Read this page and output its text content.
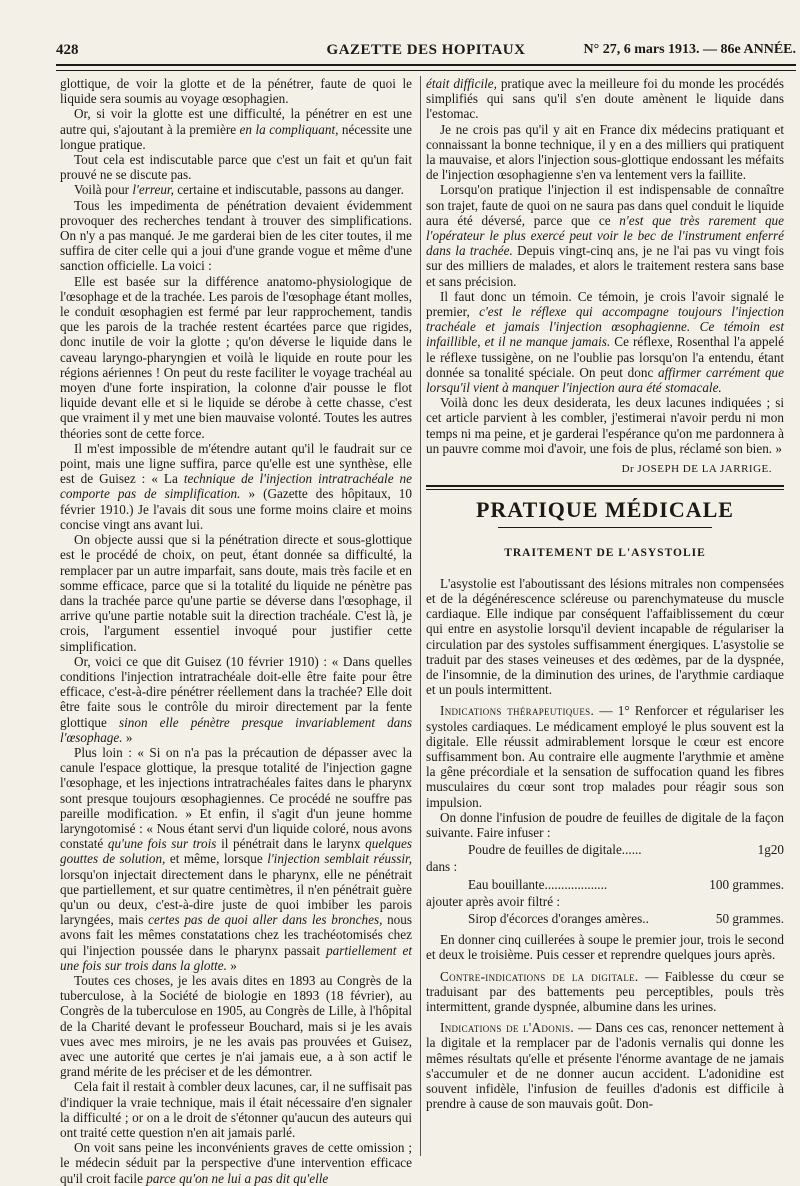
428	GAZETTE DES HOPITAUX	N° 27, 6 mars 1913. — 86e ANNÉE.

glottique, de voir la glotte et de la pénétrer, faute de quoi le liquide sera soumis au voyage œsophagien.

Or, si voir la glotte est une difficulté, la pénétrer en est une autre qui, s'ajoutant à la première en la compliquant, nécessite une longue pratique.

Tout cela est indiscutable parce que c'est un fait et qu'un fait prouvé ne se discute pas.

Voilà pour l'erreur, certaine et indiscutable, passons au danger.

Tous les impedimenta de pénétration devaient évidemment provoquer des recherches tendant à trouver des simplifications. On n'y a pas manqué. Je me garderai bien de les citer toutes, il me suffira de citer celle qui a joui d'une grande vogue et même d'une sanction officielle. La voici :

Elle est basée sur la différence anatomo-physiologique de l'œsophage et de la trachée. Les parois de l'œsophage étant molles, le conduit œsophagien est fermé par leur rapprochement, tandis que les parois de la trachée restent écartées parce que rigides, donc inutile de voir la glotte ; qu'on déverse le liquide dans le caveau laryngo-pharyngien et voilà le liquide en route pour les régions aériennes ! On peut du reste faciliter le voyage trachéal au moyen d'une forte inspiration, la colonne d'air pousse le flot liquide devant elle et si le liquide se dérobe à cette chasse, c'est que vraiment il y met une bien mauvaise volonté. Toutes les autres théories sont de cette force.

Il m'est impossible de m'étendre autant qu'il le faudrait sur ce point, mais une ligne suffira, parce qu'elle est une synthèse, elle est de Guisez : « La technique de l'injection intratrachéale ne comporte pas de simplification. » (Gazette des hôpitaux, 10 février 1910.) Je l'avais dit sous une forme moins claire et moins concise vingt ans avant lui.

On objecte aussi que si la pénétration directe et sous-glottique est le procédé de choix, on peut, étant donnée sa difficulté, la remplacer par un autre imparfait, sans doute, mais très facile et en somme efficace, parce que si la totalité du liquide ne pénètre pas dans la trachée parce qu'une partie se déverse dans l'œsophage, il arrive qu'une partie notable suit la direction trachéale. C'est là, je crois, l'argument essentiel invoqué pour justifier cette simplification.

Or, voici ce que dit Guisez (10 février 1910) : « Dans quelles conditions l'injection intratrachéale doit-elle être faite pour être efficace, c'est-à-dire pénétrer réellement dans la trachée? Elle doit être faite sous le contrôle du miroir directement par la fente glottique sinon elle pénètre presque invariablement dans l'œsophage. »

Plus loin : « Si on n'a pas la précaution de dépasser avec la canule l'espace glottique, la presque totalité de l'injection gagne l'œsophage, et les injections intratrachéales faites dans le pharynx sont presque toujours œsophagiennes. Ce procédé ne souffre pas pareille modification. » Et enfin, il s'agit d'un jeune homme laryngotomisé : « Nous étant servi d'un liquide coloré, nous avons constaté qu'une fois sur trois il pénétrait dans le larynx quelques gouttes de solution, et même, lorsque l'injection semblait réussir, lorsqu'on injectait directement dans le pharynx, elle ne pénétrait que partiellement, et sur quatre centimètres, il n'en pénétrait guère qu'un ou deux, c'est-à-dire juste de quoi imbiber les parois laryngées, mais certes pas de quoi aller dans les bronches, nous avons fait les mêmes constatations chez les trachéotomisés chez qui l'injection poussée dans le pharynx passait partiellement et une fois sur trois dans la glotte. »

Toutes ces choses, je les avais dites en 1893 au Congrès de la tuberculose, à la Société de biologie en 1893 (18 février), au Congrès de la tuberculose en 1905, au Congrès de Lille, à l'hôpital de la Charité devant le professeur Bouchard, mais si je les avais vues avec mes miroirs, je ne les avais pas prouvées et Guisez, avec une autorité que certes je n'ai jamais eue, a à son actif le grand mérite de les préciser et de les démontrer.

Cela fait il restait à combler deux lacunes, car, il ne suffisait pas d'indiquer la vraie technique, mais il était nécessaire d'en signaler la difficulté ; or on a le droit de s'étonner qu'aucun des auteurs qui ont traité cette question n'en ait jamais parlé.

On voit sans peine les inconvénients graves de cette omission ; le médecin séduit par la perspective d'une intervention efficace qu'il croit facile parce qu'on ne lui a pas dit qu'elle

était difficile, pratique avec la meilleure foi du monde les procédés simplifiés qui sans qu'il s'en doute amènent le liquide dans l'estomac.

Je ne crois pas qu'il y ait en France dix médecins pratiquant et connaissant la bonne technique, il y en a des milliers qui pratiquent la mauvaise, et alors l'injection sous-glottique endossant les méfaits de l'injection œsophagienne s'en va lentement vers la faillite.

Lorsqu'on pratique l'injection il est indispensable de connaître son trajet, faute de quoi on ne saura pas dans quel conduit le liquide aura été déversé, parce que ce n'est que très rarement que l'opérateur le plus exercé peut voir le bec de l'instrument enferré dans la trachée. Depuis vingt-cinq ans, je ne l'ai pas vu vingt fois sur des milliers de malades, et alors le traitement restera sans base et sans précision.

Il faut donc un témoin. Ce témoin, je crois l'avoir signalé le premier, c'est le réflexe qui accompagne toujours l'injection trachéale et jamais l'injection œsophagienne. Ce témoin est infaillible, et il ne manque jamais. Ce réflexe, Rosenthal l'a appelé le réflexe tussigène, on ne l'oublie pas lorsqu'on l'a entendu, étant donnée sa tonalité spéciale. On peut donc affirmer carrément que lorsqu'il vient à manquer l'injection aura été stomacale.

Voilà donc les deux desiderata, les deux lacunes indiquées ; si cet article parvient à les combler, j'estimerai n'avoir perdu ni mon temps ni ma peine, et je garderai l'espérance qu'on me pardonnera à un pauvre comme moi d'avoir, une fois de plus, réclamé son bien. »

Dr JOSEPH DE LA JARRIGE.
PRATIQUE MÉDICALE
TRAITEMENT DE L'ASYSTOLIE

L'asystolie est l'aboutissant des lésions mitrales non compensées et de la dégénérescence scléreuse ou parenchymateuse du muscle cardiaque. Elle indique par conséquent l'affaiblissement du cœur qui entre en asystolie lorsqu'il devient incapable de régulariser la circulation par des systoles suffisamment énergiques. L'asystolie se traduit par des stases veineuses et des œdèmes, par de la dyspnée, de l'insomnie, de la diminution des urines, de l'arythmie cardiaque et un pouls intermittent.

Indications thérapeutiques. — 1° Renforcer et régulariser les systoles cardiaques. Le médicament employé le plus souvent est la digitale. Elle réussit admirablement lorsque le cœur est encore suffisamment bon. Au contraire elle augmente l'arythmie et amène la gêne précordiale et la sensation de suffocation quand les fibres musculaires du cœur sont trop malades pour réagir sous son impulsion.

On donne l'infusion de poudre de feuilles de digitale de la façon suivante. Faire infuser :

Poudre de feuilles de digitale......	1g20

dans :

Eau bouillante...................	100 grammes.

ajouter après avoir filtré :

Sirop d'écorces d'oranges amères..	50 grammes.

En donner cinq cuillerées à soupe le premier jour, trois le second et deux le troisième. Puis cesser et reprendre quelques jours après.

Contre-indications de la digitale. — Faiblesse du cœur se traduisant par des battements peu perceptibles, pouls très intermittent, grande dyspnée, albumine dans les urines.

Indications de l'Adonis. — Dans ces cas, renoncer nettement à la digitale et la remplacer par de l'adonis vernalis qui donne les mêmes résultats qu'elle et présente l'énorme avantage de ne jamais s'accumuler et de ne donner aucun accident. L'adonidine est souvent infidèle, l'infusion de feuilles d'adonis est difficile à prendre à cause de son mauvais goût. Don-
